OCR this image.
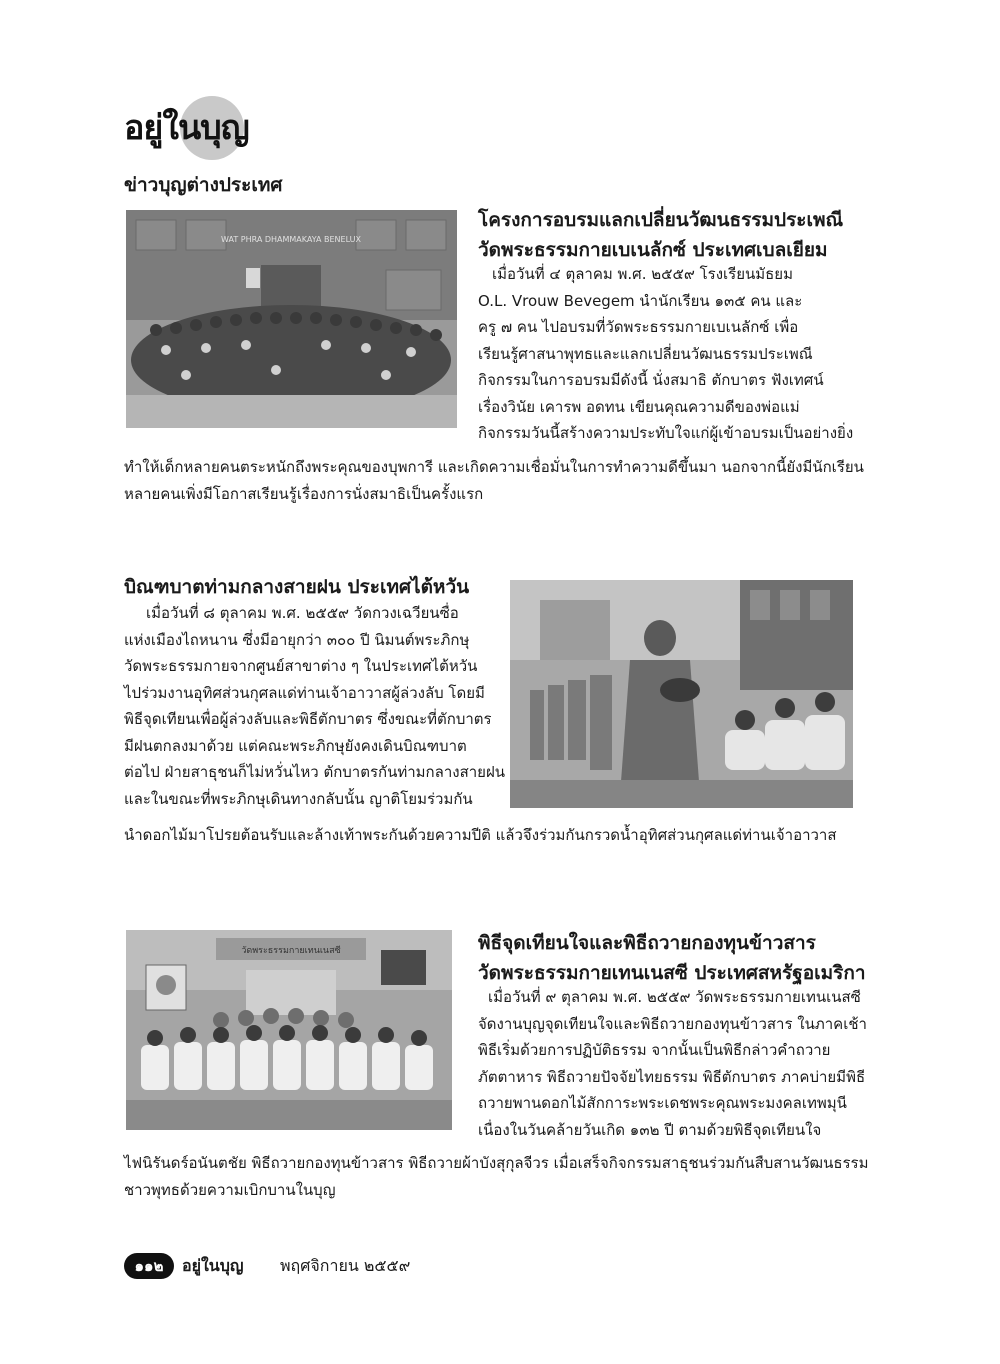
อยู่ในบุญ
ข่าวบุญต่างประเทศ
WAT PHRA DHAMMAKAYA BENELUX
โครงการอบรมแลกเปลี่ยนวัฒนธรรมประเพณี
วัดพระธรรมกายเบเนลักซ์ ประเทศเบลเยียม

เมื่อวันที่ ๔ ตุลาคม พ.ศ. ๒๕๕๙ โรงเรียนมัธยม

O.L. Vrouw Bevegem นำนักเรียน ๑๓๕ คน และ

ครู ๗ คน ไปอบรมที่วัดพระธรรมกายเบเนลักซ์ เพื่อ

เรียนรู้ศาสนาพุทธและแลกเปลี่ยนวัฒนธรรมประเพณี

กิจกรรมในการอบรมมีดังนี้ นั่งสมาธิ ตักบาตร ฟังเทศน์

เรื่องวินัย เคารพ อดทน เขียนคุณความดีของพ่อแม่

กิจกรรมวันนี้สร้างความประทับใจแก่ผู้เข้าอบรมเป็นอย่างยิ่ง

ทำให้เด็กหลายคนตระหนักถึงพระคุณของบุพการี และเกิดความเชื่อมั่นในการทำความดีขึ้นมา นอกจากนี้ยังมีนักเรียน

หลายคนเพิ่งมีโอกาสเรียนรู้เรื่องการนั่งสมาธิเป็นครั้งแรก

บิณฑบาตท่ามกลางสายฝน ประเทศไต้หวัน

เมื่อวันที่ ๘ ตุลาคม พ.ศ. ๒๕๕๙ วัดกวงเฉวียนซื่อ

แห่งเมืองไถหนาน ซึ่งมีอายุกว่า ๓๐๐ ปี นิมนต์พระภิกษุ

วัดพระธรรมกายจากศูนย์สาขาต่าง ๆ ในประเทศไต้หวัน

ไปร่วมงานอุทิศส่วนกุศลแด่ท่านเจ้าอาวาสผู้ล่วงลับ โดยมี

พิธีจุดเทียนเพื่อผู้ล่วงลับและพิธีตักบาตร ซึ่งขณะที่ตักบาตร

มีฝนตกลงมาด้วย แต่คณะพระภิกษุยังคงเดินบิณฑบาต

ต่อไป ฝ่ายสาธุชนก็ไม่หวั่นไหว ตักบาตรกันท่ามกลางสายฝน

และในขณะที่พระภิกษุเดินทางกลับนั้น ญาติโยมร่วมกัน

นำดอกไม้มาโปรยต้อนรับและล้างเท้าพระกันด้วยความปีติ แล้วจึงร่วมกันกรวดน้ำอุทิศส่วนกุศลแด่ท่านเจ้าอาวาส

วัดพระธรรมกายเทนเนสซี	พิธีจุดเทียนใจและพิธีถวายกองทุนข้าวสาร
วัดพระธรรมกายเทนเนสซี ประเทศสหรัฐอเมริกา

เมื่อวันที่ ๙ ตุลาคม พ.ศ. ๒๕๕๙ วัดพระธรรมกายเทนเนสซี

จัดงานบุญจุดเทียนใจและพิธีถวายกองทุนข้าวสาร ในภาคเช้า

พิธีเริ่มด้วยการปฏิบัติธรรม จากนั้นเป็นพิธีกล่าวคำถวาย

ภัตตาหาร พิธีถวายปัจจัยไทยธรรม พิธีตักบาตร ภาคบ่ายมีพิธี

ถวายพานดอกไม้สักการะพระเดชพระคุณพระมงคลเทพมุนี

เนื่องในวันคล้ายวันเกิด ๑๓๒ ปี ตามด้วยพิธีจุดเทียนใจ

ไฟนิรันดร์อนันตชัย พิธีถวายกองทุนข้าวสาร พิธีถวายผ้าบังสุกุลจีวร เมื่อเสร็จกิจกรรมสาธุชนร่วมกันสืบสานวัฒนธรรม

ชาวพุทธด้วยความเบิกบานในบุญ

๑๑๒	อยู่ในบุญ พฤศจิกายน ๒๕๕๙
